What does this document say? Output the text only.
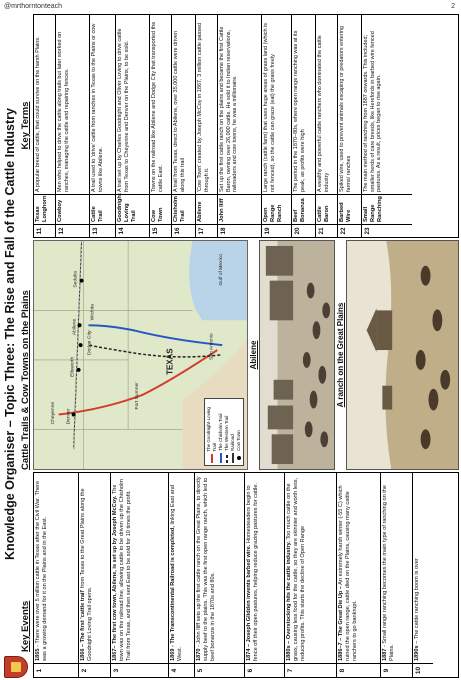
@mrthorntonteach	2
Knowledge Organiser – Topic Three: The Rise and Fall of the Cattle Industry
Key Events
Cattle Trails & Cow Towns on the Plains
Key Terms
1
1865 - There were over 5 million cattle in Texas after the Civil War. There was a growing demand for it on the Plains and in the East.
2
1866 – The first 'cattle trail' from Texas to the Great Plains along the Goodnight Loving Trail opens.
3
1867– The first cow town, Abilene, is set up by Joseph McCoy. The town was on the railroad line, allowing cattle to be driven up the Chisholm Trail from Texas, and then sent East to be sold for 10 times the profit.
4
1869 - The Transcontinental Railroad is completed, linking East and West.
5
1870 - John Iliff sets up the first cattle ranch on the Great Plains, to directly supply beef to the plains. This was the first open range ranch, which led to beef bonanza in the 1870s and 80s.
6
1874 – Joseph Glidden invents barbed wire. Homesteaders begin to fence off their open pastures, helping reduce grazing pastures for cattle.
7
1880s – Overstocking hits the cattle industry. Too much cattle on the grass, causing less food for the cattle, so they are skinnier and worth less, reducing profits. This starts the decline of Open Range
8
1886–7 – The Great Die Up – An extremely harsh winter (-55 C) which ruined the open range, cattle died on the Plains, causing many cattle ranchers to go bankrupt.
9
1887 - Small range ranching becomes the main type of ranching on the Plains.
10
1890s – The cattle ranching boom is over
Abilene
Dodge City
Ellsworth
Wichita
Sedalia
Cheyenne Denver
TEXAS
Gulf of Mexico
Fort Sumner
San Antonio
The Goodnight-Loving Trail The Chisholm Trail The Western Trail Railroad Cow Town
Abilene	A ranch on the Great Plains
11
Texas Longhorn
A popular breed of cattle, that could survive on the harsh Plains.
12
Cowboy
Men who helped to drive the cattle along trails but later worked on ranches, managing the cattle and repairing fences.
13
Cattle Trail
A trail used to 'drive' cattle from ranches in Texas to the Plains or cow towns like Abilene.
14
Goodnight Loving Trail
A trail set up by Charles Goodnight and Oliver Loving to drive cattle from Texas to Cheyenne and Denver on the Plains, to be sold.
15
Cow Town
Towns on the railroad like Abilene and Dodge City that transported the cattle East.
16
Chisholm Trail
A trail from Texas, direct to Abilene, over 35,000 cattle were driven along this trail
17
Abilene
'Cow Town' created by Joseph McCoy in 1867, 3 million cattle passed through it.
18
John Iliff
Set up the first cattle ranch on the plains and became the first Cattle Baron, owning over 26,000 cattle. He sold it to Indian reservations, railroaders and cow towns, he was a millionaire.
19
Open Range Ranch
Large ranch (cattle farm) that uses huge areas of grass land (which is not fenced), so the cattle can graze (eat) the grass freely
20
Beef Bonanza
The period in the 1870–80s, where open range ranching was at its peak, as profits were high
21
Cattle Baron
A wealthy and powerful cattle ranchers who dominated the cattle industry
22
Barbed Wire
Spiked wire, used to prevent animals escaping or predators entering farms/ ranches
23
Small Range Ranching
The main method of ranching from 1887 onwards. This included; smaller herds of care breeds, like Herefords in barbed wire fenced pastures. As a result, prices began to rise again.
